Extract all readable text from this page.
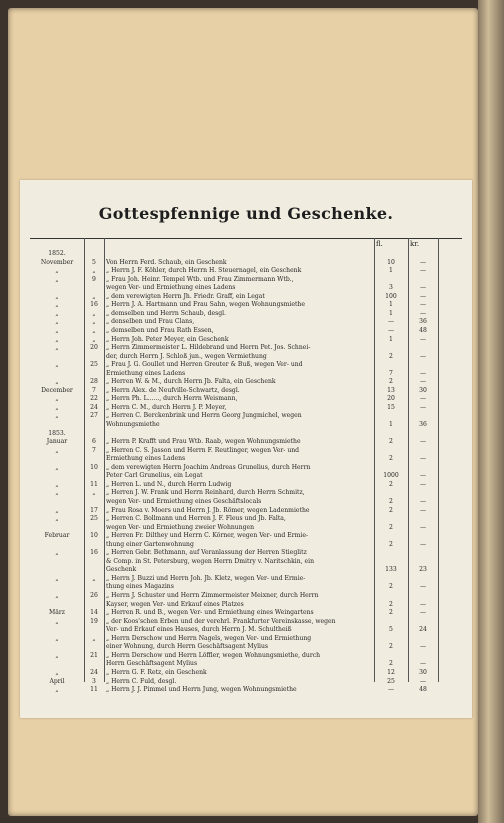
Gottespfennige und Geschenke.
fl.	kr.
1852.
November	5	Von Herrn Ferd. Schaub, ein Geschenk	10	—
„	„	„ Herrn J. F. Köhler, durch Herrn H. Steuernagel, ein Geschenk	1	—
„	9	„ Frau Joh. Heinr. Tempel Wtb. und Frau Zimmermann Wtb.,
wegen Ver- und Ermiethung eines Ladens	3	—
„	„	„ dem verewigten Herrn Jh. Friedr. Graff, ein Legat	100	—
„	16	„ Herrn J. A. Hartmann und Frau Sahn, wegen Wohnungsmiethe	1	—
„	„	„ demselben und Herrn Schaub, desgl.	1	—
„	„	„ denselben und Frau Clans,	—	36
„	„	„ demselben und Frau Rath Essen,	—	48
„	„	„ Herrn Joh. Peter Meyer, ein Geschenk	1	—
„	20	„ Herrn Zimmermeister L. Hildebrand und Herrn Pet. Jos. Schnei-
der, durch Herrn J. Schloß jun., wegen Vermiethung	2	—
„	25	„ Frau J. G. Goullet und Herren Greuter & Buß, wegen Ver- und
Ermiethung eines Ladens	7	—
„	28	„ Herren W. & M., durch Herrn Jb. Falta, ein Geschenk	2	—
December	7	„ Herrn Alex. de Neufville-Schwartz, desgl.	13	30
„	22	„ Herrn Ph. L......, durch Herrn Weismann,	20	—
„	24	„ Herrn C. M., durch Herrn J. P. Meyer,	15	—
„	27	„ Herren C. Berckenbrink und Herrn Georg Jungmichel, wegen
Wohnungsmiethe	1	36
1853.
Januar	6	„ Herrn P. Krafft und Frau Wtb. Raab, wegen Wohnungsmiethe	2	—
„	7	„ Herren C. S. Jasson und Herrn F. Reutlinger, wegen Ver- und
Ermiethung eines Ladens	2	—
„	10	„ dem verewigten Herrn Joachim Andreas Grunelius, durch Herrn
Peter Carl Grunelius, ein Legat	1000	—
„	11	„ Herren L. und N., durch Herrn Ludwig	2	—
„	„	„ Herren J. W. Frank und Herrn Reinhard, durch Herrn Schmitz,
wegen Ver- und Ermiethung eines Geschäftslocals	2	—
„	17	„ Frau Rosa v. Moers und Herrn J. Jb. Römer, wegen Ladenmiethe	2	—
„	25	„ Herren C. Bollmann und Herren J. F. Fleus und Jb. Falta,
wegen Ver- und Ermiethung zweier Wohnungen	2	—
Februar	10	„ Herren Fr. Dilthey und Herrn C. Körner, wegen Ver- und Ermie-
thung einer Gartenwohnung	2	—
„	16	„ Herren Gebr. Bethmann, auf Veranlassung der Herren Stieglitz
& Comp. in St. Petersburg, wegen Herrn Dmitry v. Naritschkin, ein
Geschenk	133	23
„	„	„ Herrn J. Buzzi und Herrn Joh. Jb. Kletz, wegen Ver- und Ermie-
thung eines Magazins	2	—
„	26	„ Herrn J. Schuster und Herrn Zimmermeister Meixner, durch Herrn
Kayser, wegen Ver- und Erkauf eines Platzes	2	—
März	14	„ Herren R. und B., wegen Ver- und Ermiethung eines Weingartens	2	—
„	19	„ der Koos'schen Erben und der verehrl. Frankfurter Vereinskasse, wegen
Ver- und Erkauf eines Hauses, durch Herrn J. M. Schultheiß	5	24
„	„	„ Herrn Derschow und Herrn Nagels, wegen Ver- und Ermiethung
einer Wohnung, durch Herrn Geschäftsagent Mylius	2	—
„	21	„ Herrn Derschow und Herrn Löffler, wegen Wohnungsmiethe, durch
Herrn Geschäftsagent Mylius	2	—
„	24	„ Herrn G. F. Retz, ein Geschenk	12	30
April	3	„ Herrn C. Fuld, desgl.	25	—
„	11	„ Herrn J. J. Pimmel und Herrn Jung, wegen Wohnungsmiethe	—	48
